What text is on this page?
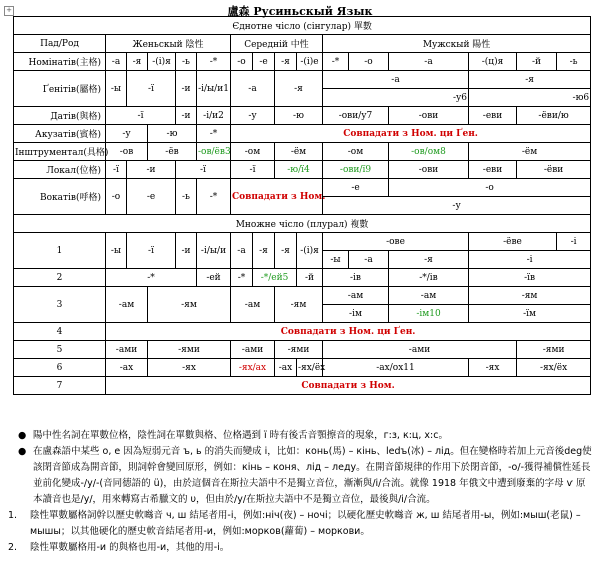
盧森 Русиньскый Язык
+
Єднотне чісло (сінгулар) 單數															
Пад/Род	Женьскый 陰性					Середній 中性				Мужскый 陽性					
Номінатів(主格)	-а	-я	-(і)я	-ь	-*	-о	-е	-я	-(і)е	-*	-о	-а	-(ц)я	-й	-ь
Ґенітів(屬格)	-ы	-ї		-и	-і/ы/и1	-а		-я		-а			-я		
										-у6			-ю6		
Датів(與格)	-ї			-и	-і/и2	-у		-ю		-ови/у7		-ови	-еви	-ёви/ю	
Акузатів(賓格)	-у		-ю		-*	Совпадати з Ном. ци Ґен.									
Інштрументал(具格)	-ов		-ёв		-ов/ёв3	-ом		-ём		-ом		-ов/ом8	-ём		
Локал(位格)	-ї	-и		-ї		-ї		-ю/ї4		-ови/ї9		-ови	-еви	-ёви	
Вокатів(呼格)	-о	-е		-ь	-*	Совпадати з Ном.				-е		-о			
										-у					
Множне чісло (плурал) 複數															
1	-ы	-ї		-и	-і/ы/и	-а	-я	-я	-(і)я	-ове			-ёве		-і
										-ы	-а	-я	-і		
2	-*				-ей	-*	-*/ей5		-й	-ів		-*/ів	-їв		
3	-ам		-ям			-ам		-ям		-ам		-ам	-ям		
										-ім		-ім10	-їм		
4	Совпадати з Ном. ци Ґен.														
5	-ами		-ями			-ами		-ями		-ами				-ями	
6	-ах		-ях			-ях/ах		-ах	-ях/ёх	-ах/ох11			-ях	-ях/ёх	
7	Совпадати з Ном.														
● 陽中性名詞在單數位格，陰性詞在單數與格、位格遇到 ї 時有後舌音顎擦音的現象，г:з, к:ц, х:с。
● 在盧森語中某些 о, е 因為短弱元音 ъ, ь 的消失而變成 і，比如：конь(馬) – кінь、ledъ(冰) – лід。但在變格時若加上元音後deg使該閉音節成為開音節，則詞幹會變回原形，例如：кінь – коня、лід – леду。在開音節規律的作用下於閉音節，-о/-獲得補償性延長並前化變成-/у/-(音同德語的 ü)，由於這個音在斯拉夫語中不是獨立音位，漸漸與/і/合流。就像 1918 年俄文中遭到廢棄的字母 ѵ 原本讀音也是/у/，用來轉寫古希臘文的 υ，但由於/у/在斯拉夫語中不是獨立音位，最後與/і/合流。
1. 陰性單數屬格詞幹以歷史軟噝音 ч, ш 結尾者用-і，例如:ніч(夜) – ночі；以硬化歷史軟噝音 ж, ш 結尾者用-ы，例如:мыш(老鼠) – мышы；以其他硬化的歷史軟音結尾者用-и，例如:морков(蘿蔔) – моркови。
2. 陰性單數屬格用-и 的與格也用-и，其他的用-і。
